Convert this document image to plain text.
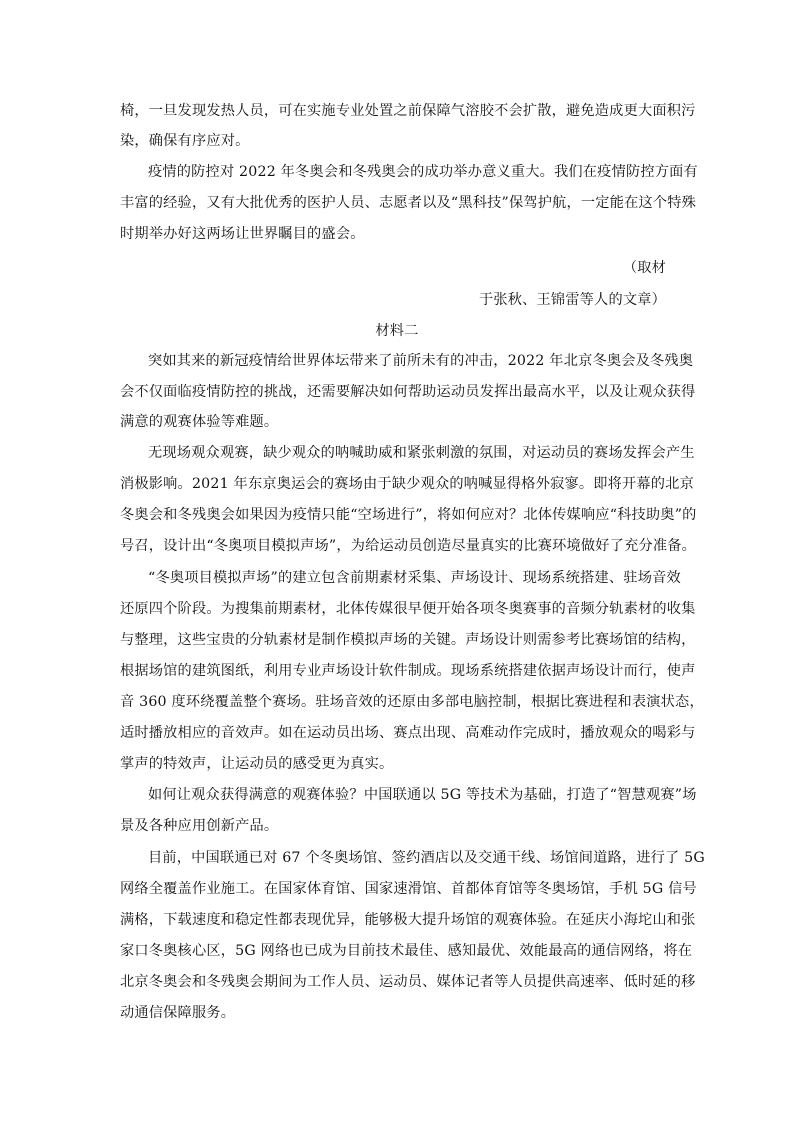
椅，一旦发现发热人员，可在实施专业处置之前保障气溶胶不会扩散，避免造成更大面积污
染，确保有序应对。
疫情的防控对 2022 年冬奥会和冬残奥会的成功举办意义重大。我们在疫情防控方面有
丰富的经验，又有大批优秀的医护人员、志愿者以及“黑科技”保驾护航，一定能在这个特殊
时期举办好这两场让世界瞩目的盛会。
（取材
于张秋、王锦雷等人的文章）
材料二
突如其来的新冠疫情给世界体坛带来了前所未有的冲击，2022 年北京冬奥会及冬残奥
会不仅面临疫情防控的挑战，还需要解决如何帮助运动员发挥出最高水平，以及让观众获得
满意的观赛体验等难题。
无现场观众观赛，缺少观众的呐喊助威和紧张刺激的氛围，对运动员的赛场发挥会产生
消极影响。2021 年东京奥运会的赛场由于缺少观众的呐喊显得格外寂寥。即将开幕的北京
冬奥会和冬残奥会如果因为疫情只能“空场进行”，将如何应对？北体传媒响应“科技助奥”的
号召，设计出“冬奥项目模拟声场”，为给运动员创造尽量真实的比赛环境做好了充分准备。
“冬奥项目模拟声场”的建立包含前期素材采集、声场设计、现场系统搭建、驻场音效
还原四个阶段。为搜集前期素材，北体传媒很早便开始各项冬奥赛事的音频分轨素材的收集
与整理，这些宝贵的分轨素材是制作模拟声场的关键。声场设计则需参考比赛场馆的结构，
根据场馆的建筑图纸，利用专业声场设计软件制成。现场系统搭建依据声场设计而行，使声
音 360 度环绕覆盖整个赛场。驻场音效的还原由多部电脑控制，根据比赛进程和表演状态，
适时播放相应的音效声。如在运动员出场、赛点出现、高难动作完成时，播放观众的喝彩与
掌声的特效声，让运动员的感受更为真实。
如何让观众获得满意的观赛体验？中国联通以 5G 等技术为基础，打造了“智慧观赛”场
景及各种应用创新产品。
目前，中国联通已对 67 个冬奥场馆、签约酒店以及交通干线、场馆间道路，进行了 5G
网络全覆盖作业施工。在国家体育馆、国家速滑馆、首都体育馆等冬奥场馆，手机 5G 信号
满格，下载速度和稳定性都表现优异，能够极大提升场馆的观赛体验。在延庆小海坨山和张
家口冬奥核心区，5G 网络也已成为目前技术最佳、感知最优、效能最高的通信网络，将在
北京冬奥会和冬残奥会期间为工作人员、运动员、媒体记者等人员提供高速率、低时延的移
动通信保障服务。
